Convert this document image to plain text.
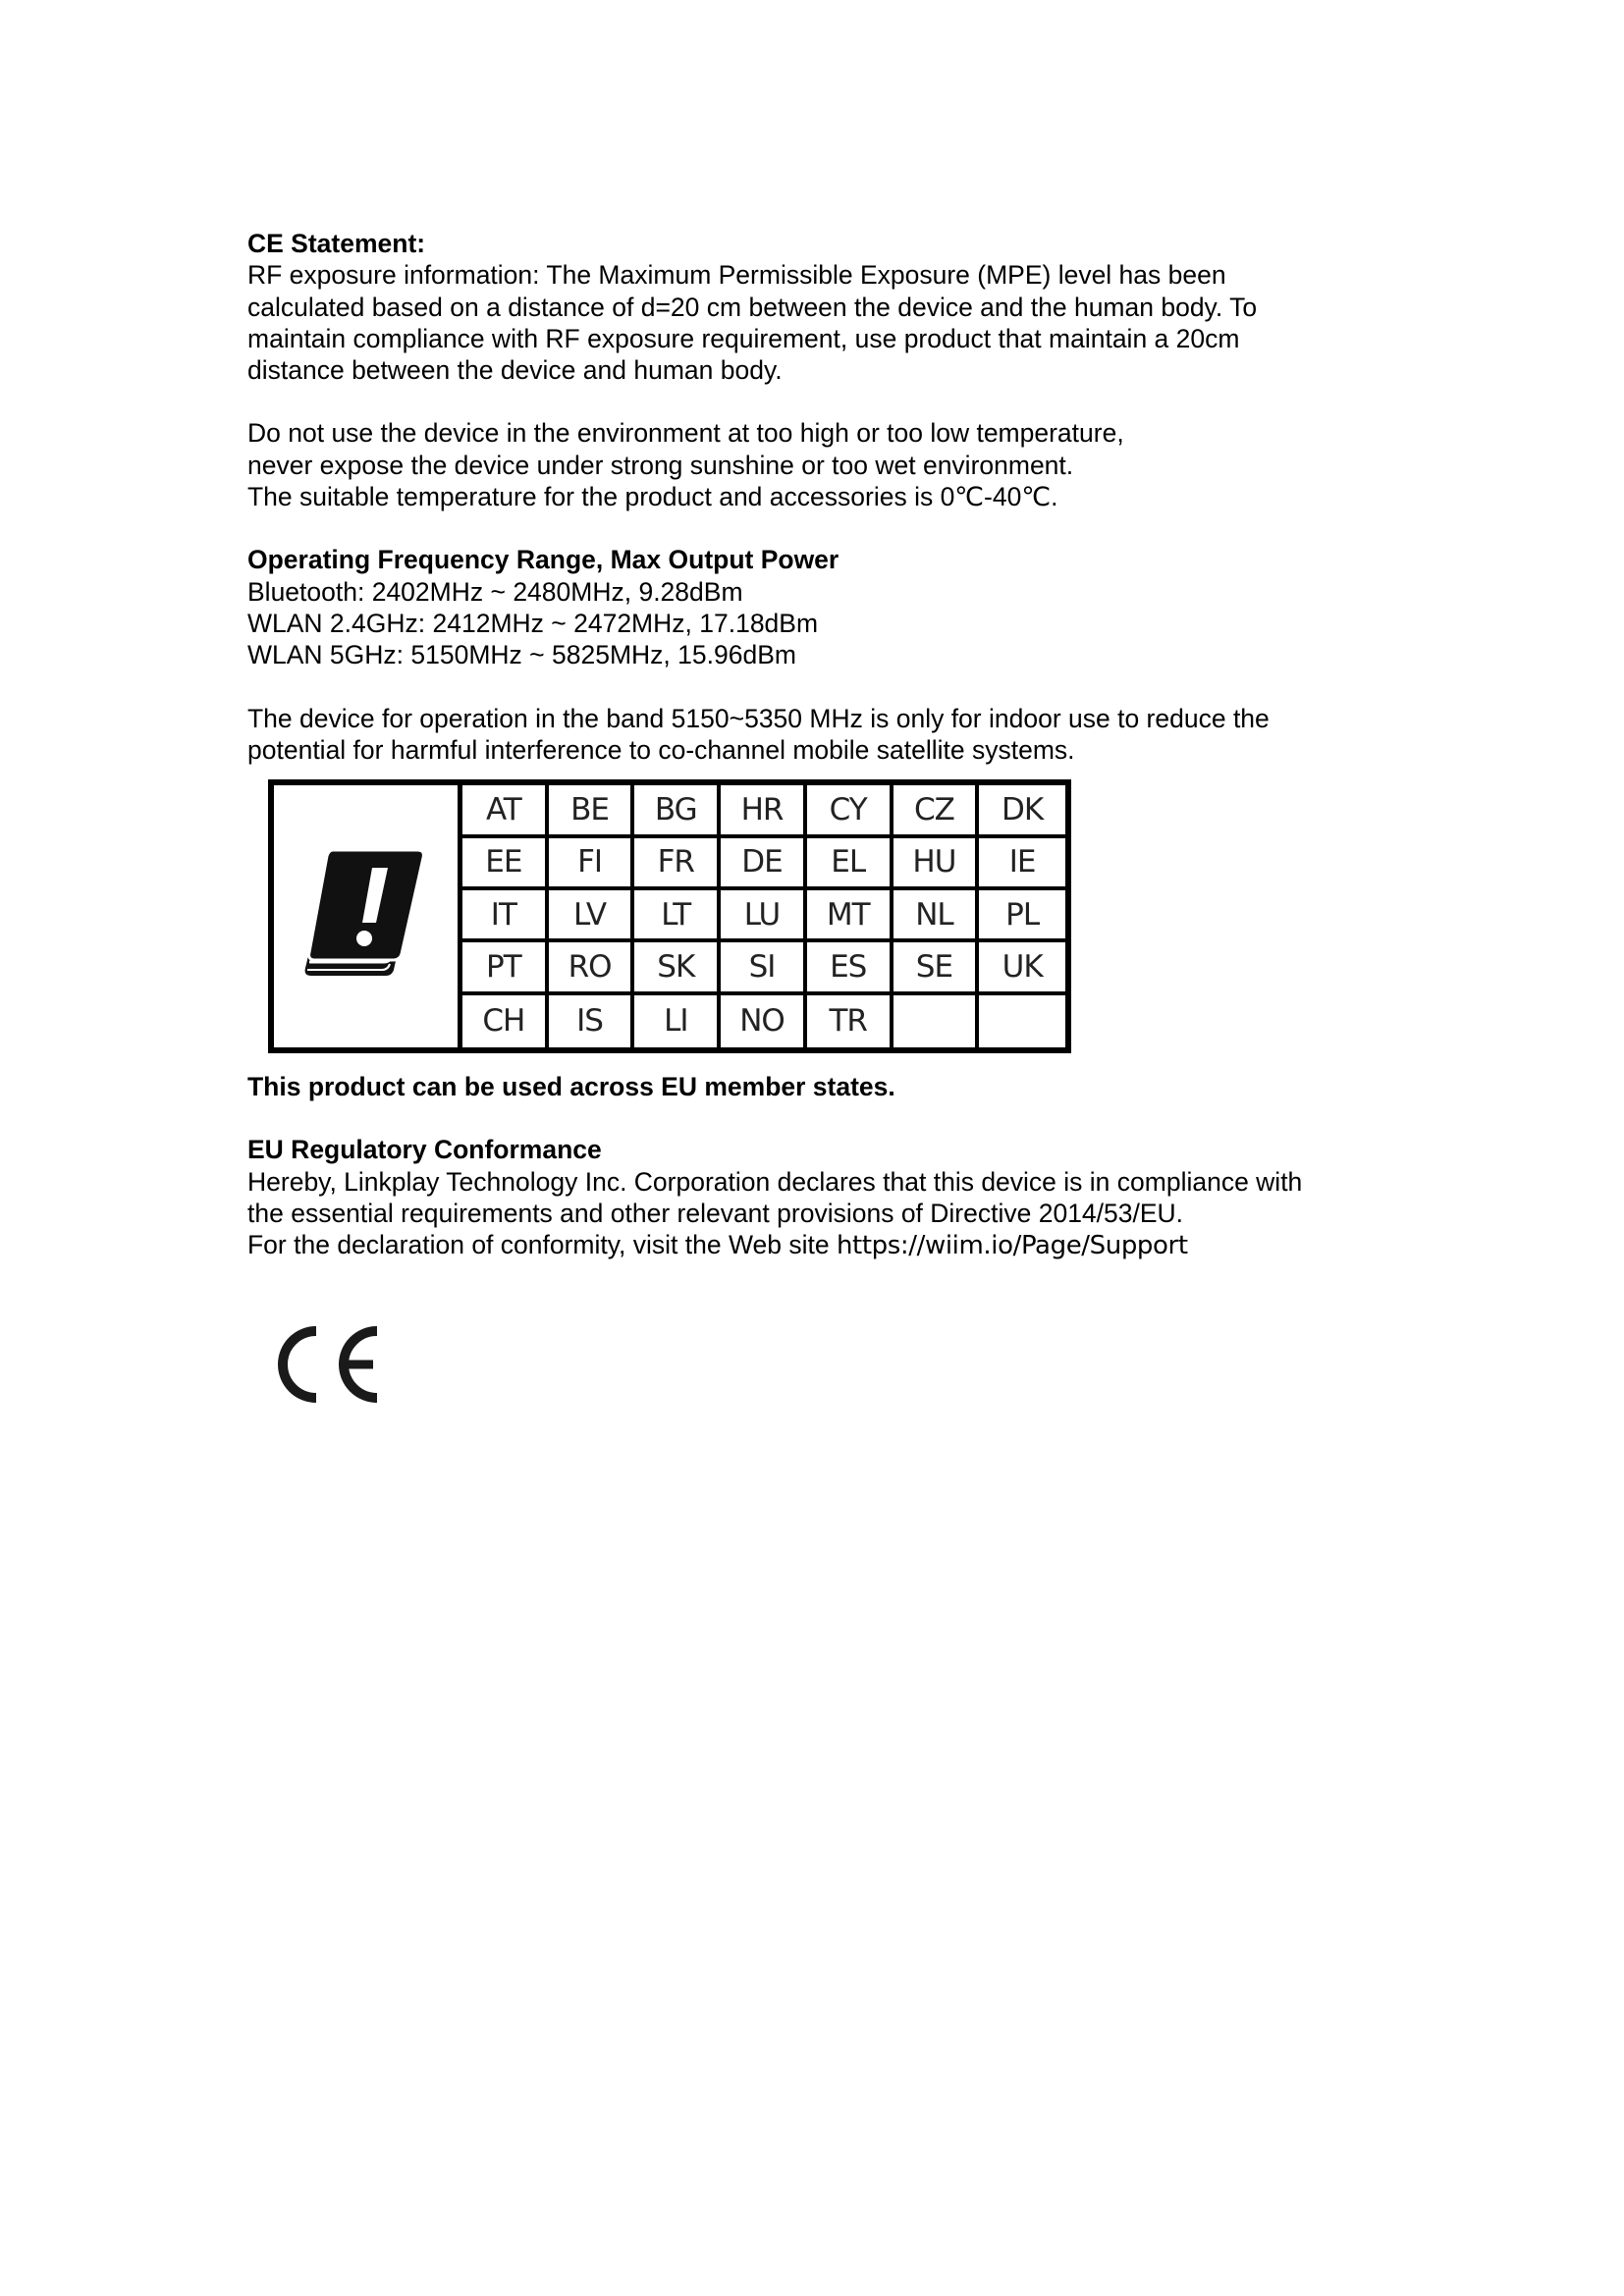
CE Statement:

RF exposure information: The Maximum Permissible Exposure (MPE) level has been

calculated based on a distance of d=20 cm between the device and the human body. To

maintain compliance with RF exposure requirement, use product that maintain a 20cm

distance between the device and human body.

Do not use the device in the environment at too high or too low temperature,

never expose the device under strong sunshine or too wet environment.

The suitable temperature for the product and accessories is 0℃-40℃.

Operating Frequency Range, Max Output Power

Bluetooth: 2402MHz ~ 2480MHz, 9.28dBm

WLAN 2.4GHz: 2412MHz ~ 2472MHz, 17.18dBm

WLAN 5GHz: 5150MHz ~ 5825MHz, 15.96dBm

The device for operation in the band 5150~5350 MHz is only for indoor use to reduce the

potential for harmful interference to co-channel mobile satellite systems.

AT	BE	BG	HR	CY	CZ	DK
EE	FI	FR	DE	EL	HU	IE
IT	LV	LT	LU	MT	NL	PL
PT	RO	SK	SI	ES	SE	UK
CH	IS	LI	NO	TR

This product can be used across EU member states.

EU Regulatory Conformance

Hereby, Linkplay Technology Inc. Corporation declares that this device is in compliance with

the essential requirements and other relevant provisions of Directive 2014/53/EU.

For the declaration of conformity, visit the Web site https://wiim.io/Page/Support
